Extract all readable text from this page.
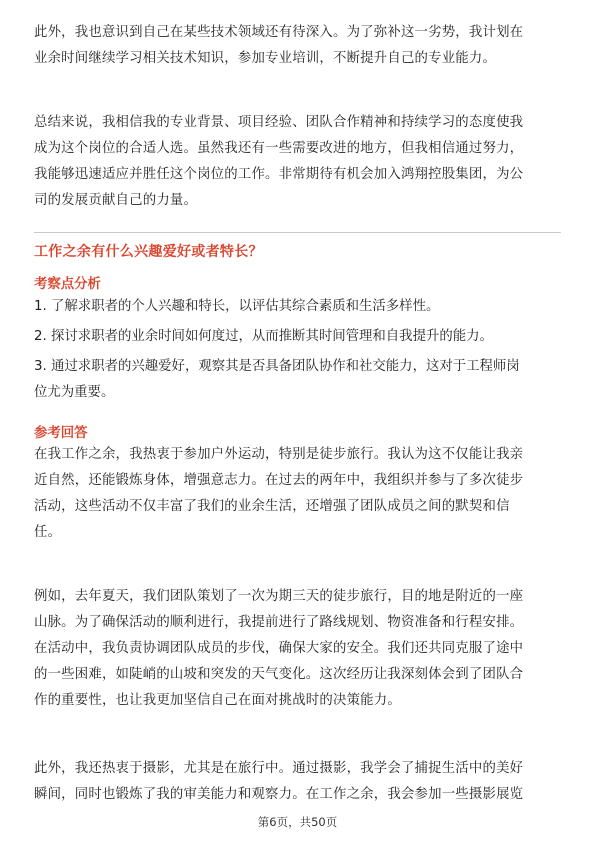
此外，我也意识到自己在某些技术领域还有待深入。为了弥补这一劣势，我计划在
业余时间继续学习相关技术知识，参加专业培训，不断提升自己的专业能力。

总结来说，我相信我的专业背景、项目经验、团队合作精神和持续学习的态度使我
成为这个岗位的合适人选。虽然我还有一些需要改进的地方，但我相信通过努力，
我能够迅速适应并胜任这个岗位的工作。非常期待有机会加入鸿翔控股集团，为公
司的发展贡献自己的力量。

工作之余有什么兴趣爱好或者特长？
考察点分析

1. 了解求职者的个人兴趣和特长，以评估其综合素质和生活多样性。

2. 探讨求职者的业余时间如何度过，从而推断其时间管理和自我提升的能力。

3. 通过求职者的兴趣爱好，观察其是否具备团队协作和社交能力，这对于工程师岗
位尤为重要。

参考回答

在我工作之余，我热衷于参加户外运动，特别是徒步旅行。我认为这不仅能让我亲
近自然，还能锻炼身体，增强意志力。在过去的两年中，我组织并参与了多次徒步
活动，这些活动不仅丰富了我们的业余生活，还增强了团队成员之间的默契和信
任。

例如，去年夏天，我们团队策划了一次为期三天的徒步旅行，目的地是附近的一座
山脉。为了确保活动的顺利进行，我提前进行了路线规划、物资准备和行程安排。
在活动中，我负责协调团队成员的步伐，确保大家的安全。我们还共同克服了途中
的一些困难，如陡峭的山坡和突发的天气变化。这次经历让我深刻体会到了团队合
作的重要性，也让我更加坚信自己在面对挑战时的决策能力。

此外，我还热衷于摄影，尤其是在旅行中。通过摄影，我学会了捕捉生活中的美好
瞬间，同时也锻炼了我的审美能力和观察力。在工作之余，我会参加一些摄影展览

第6页，共50页
